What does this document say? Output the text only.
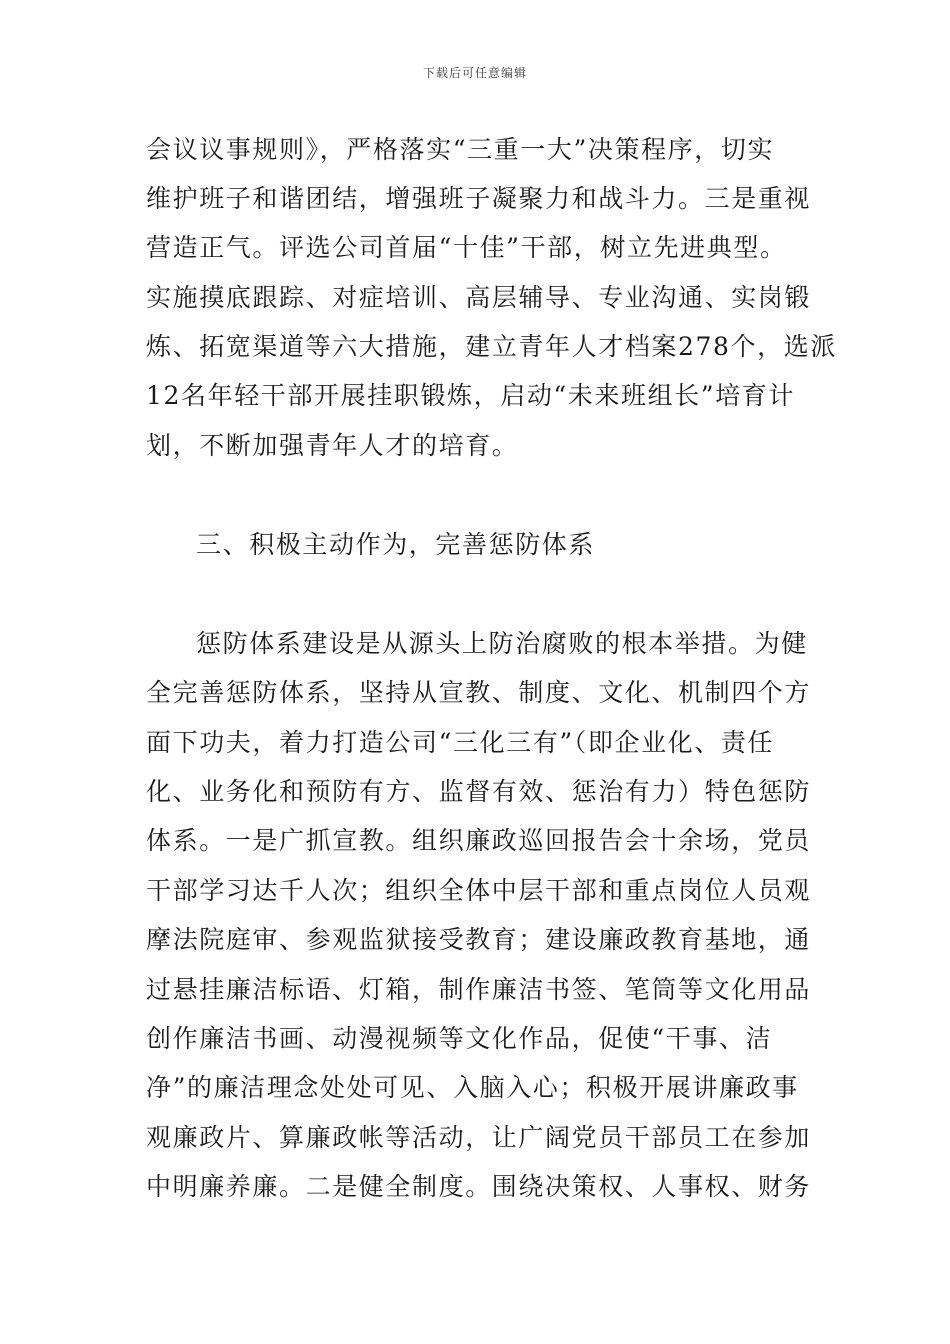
下载后可任意编辑
会议议事规则》，严格落实“三重一大”决策程序，切实
维护班子和谐团结，增强班子凝聚力和战斗力。三是重视
营造正气。评选公司首届“十佳”干部，树立先进典型。
实施摸底跟踪、对症培训、高层辅导、专业沟通、实岗锻
炼、拓宽渠道等六大措施，建立青年人才档案278个，选派
12名年轻干部开展挂职锻炼，启动“未来班组长”培育计
划，不断加强青年人才的培育。
三、积极主动作为，完善惩防体系
惩防体系建设是从源头上防治腐败的根本举措。为健
全完善惩防体系，坚持从宣教、制度、文化、机制四个方
面下功夫，着力打造公司“三化三有”（即企业化、责任
化、业务化和预防有方、监督有效、惩治有力）特色惩防
体系。一是广抓宣教。组织廉政巡回报告会十余场，党员
干部学习达千人次；组织全体中层干部和重点岗位人员观
摩法院庭审、参观监狱接受教育；建设廉政教育基地，通
过悬挂廉洁标语、灯箱，制作廉洁书签、笔筒等文化用品
创作廉洁书画、动漫视频等文化作品，促使“干事、洁
净”的廉洁理念处处可见、入脑入心；积极开展讲廉政事
观廉政片、算廉政帐等活动，让广阔党员干部员工在参加
中明廉养廉。二是健全制度。围绕决策权、人事权、财务
